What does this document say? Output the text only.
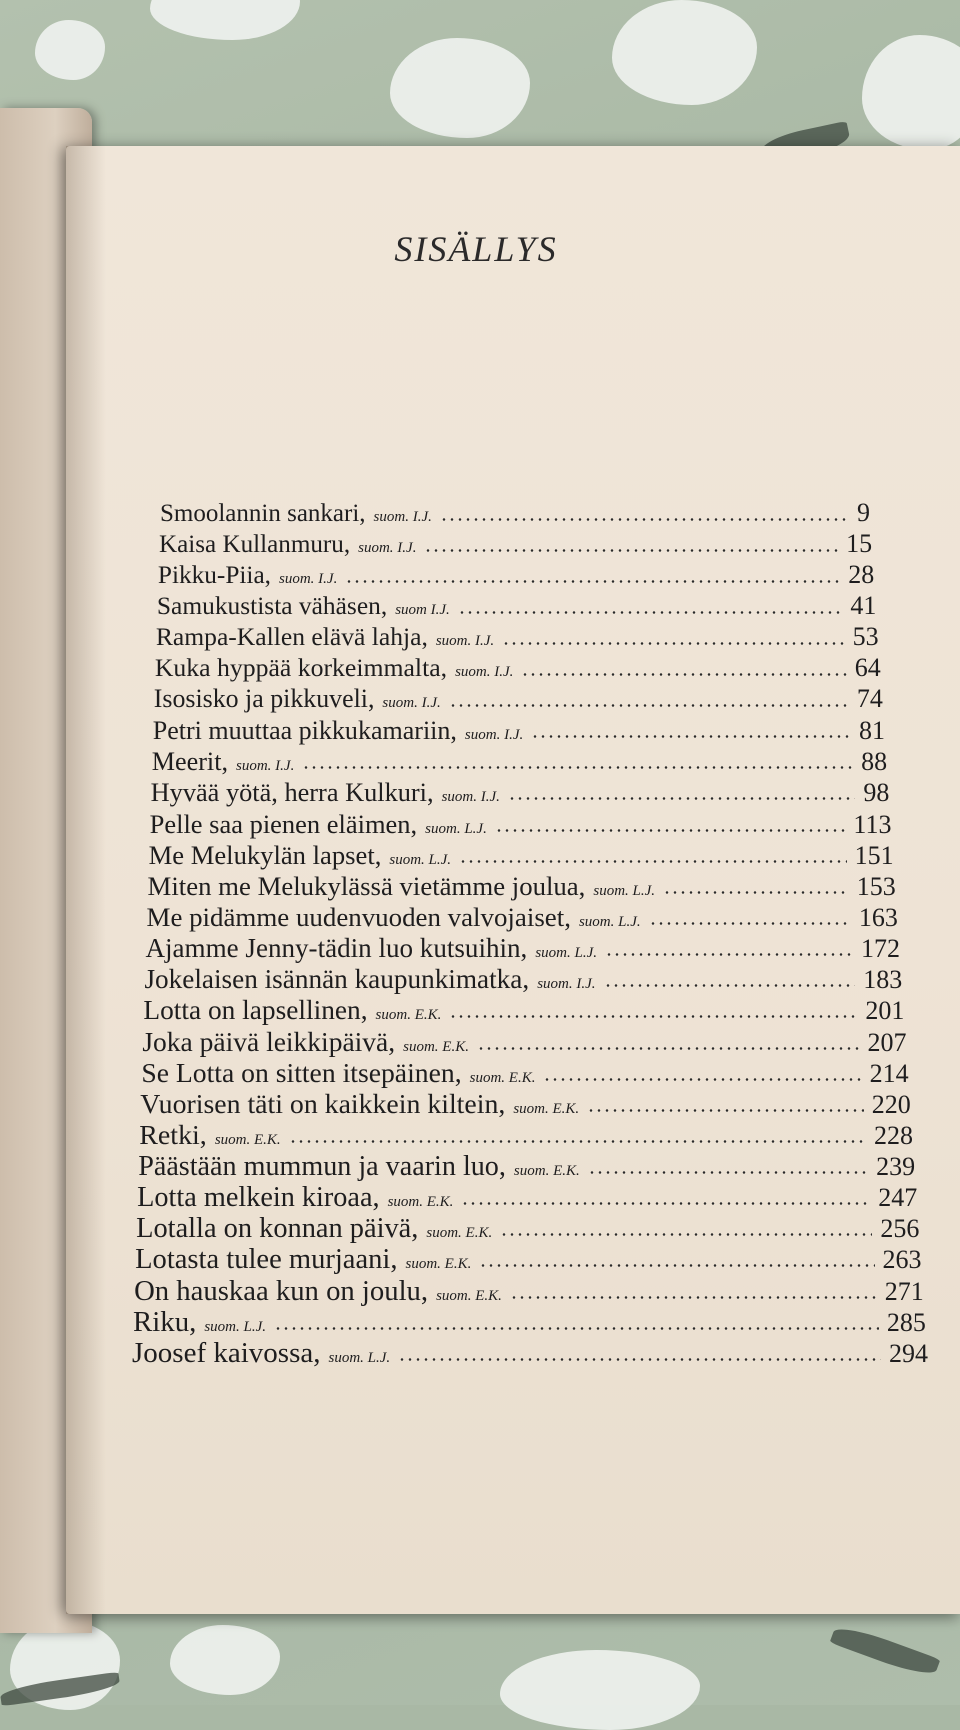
SISÄLLYS
Smoolannin sankari, suom. I.J.	9
Kaisa Kullanmuru, suom. I.J.	15
Pikku-Piia, suom. I.J.	28
Samukustista vähäsen, suom I.J.	41
Rampa-Kallen elävä lahja, suom. I.J.	53
Kuka hyppää korkeimmalta, suom. I.J.	64
Isosisko ja pikkuveli, suom. I.J.	74
Petri muuttaa pikkukamariin, suom. I.J.	81
Meerit, suom. I.J.	88
Hyvää yötä, herra Kulkuri, suom. I.J.	98
Pelle saa pienen eläimen, suom. L.J.	113
Me Melukylän lapset, suom. L.J.	151
Miten me Melukylässä vietämme joulua, suom. L.J.	153
Me pidämme uudenvuoden valvojaiset, suom. L.J.	163
Ajamme Jenny-tädin luo kutsuihin, suom. L.J.	172
Jokelaisen isännän kaupunkimatka, suom. I.J.	183
Lotta on lapsellinen, suom. E.K.	201
Joka päivä leikkipäivä, suom. E.K.	207
Se Lotta on sitten itsepäinen, suom. E.K.	214
Vuorisen täti on kaikkein kiltein, suom. E.K.	220
Retki, suom. E.K.	228
Päästään mummun ja vaarin luo, suom. E.K.	239
Lotta melkein kiroaa, suom. E.K.	247
Lotalla on konnan päivä, suom. E.K.	256
Lotasta tulee murjaani, suom. E.K.	263
On hauskaa kun on joulu, suom. E.K.	271
Riku, suom. L.J.	285
Joosef kaivossa, suom. L.J.	294
